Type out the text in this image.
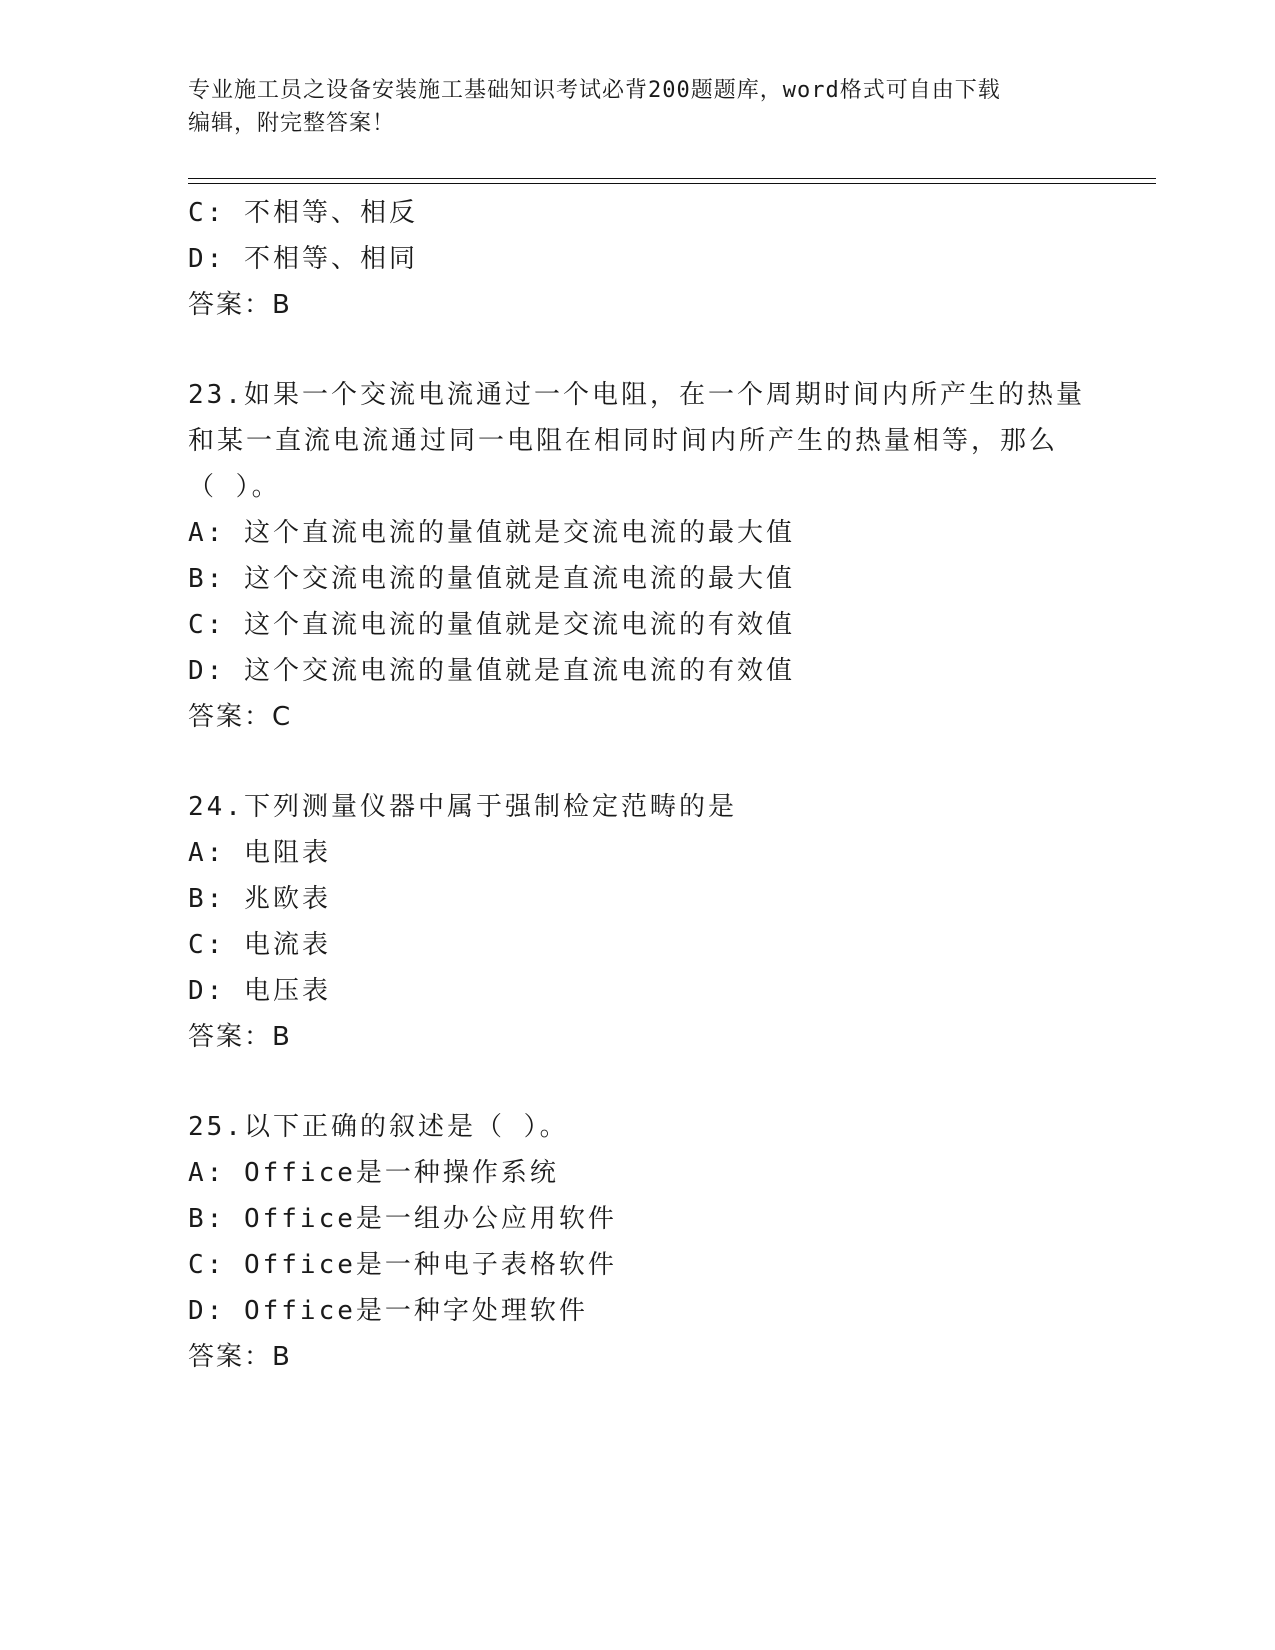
专业施工员之设备安装施工基础知识考试必背200题题库，word格式可自由下载
编辑，附完整答案！
C: 不相等、相反
D: 不相等、相同
答案：B
23.如果一个交流电流通过一个电阻，在一个周期时间内所产生的热量
和某一直流电流通过同一电阻在相同时间内所产生的热量相等，那么
（ ）。
A: 这个直流电流的量值就是交流电流的最大值
B: 这个交流电流的量值就是直流电流的最大值
C: 这个直流电流的量值就是交流电流的有效值
D: 这个交流电流的量值就是直流电流的有效值
答案：C
24.下列测量仪器中属于强制检定范畴的是
A: 电阻表
B: 兆欧表
C: 电流表
D: 电压表
答案：B
25.以下正确的叙述是（ ）。
A: Office是一种操作系统
B: Office是一组办公应用软件
C: Office是一种电子表格软件
D: Office是一种字处理软件
答案：B
